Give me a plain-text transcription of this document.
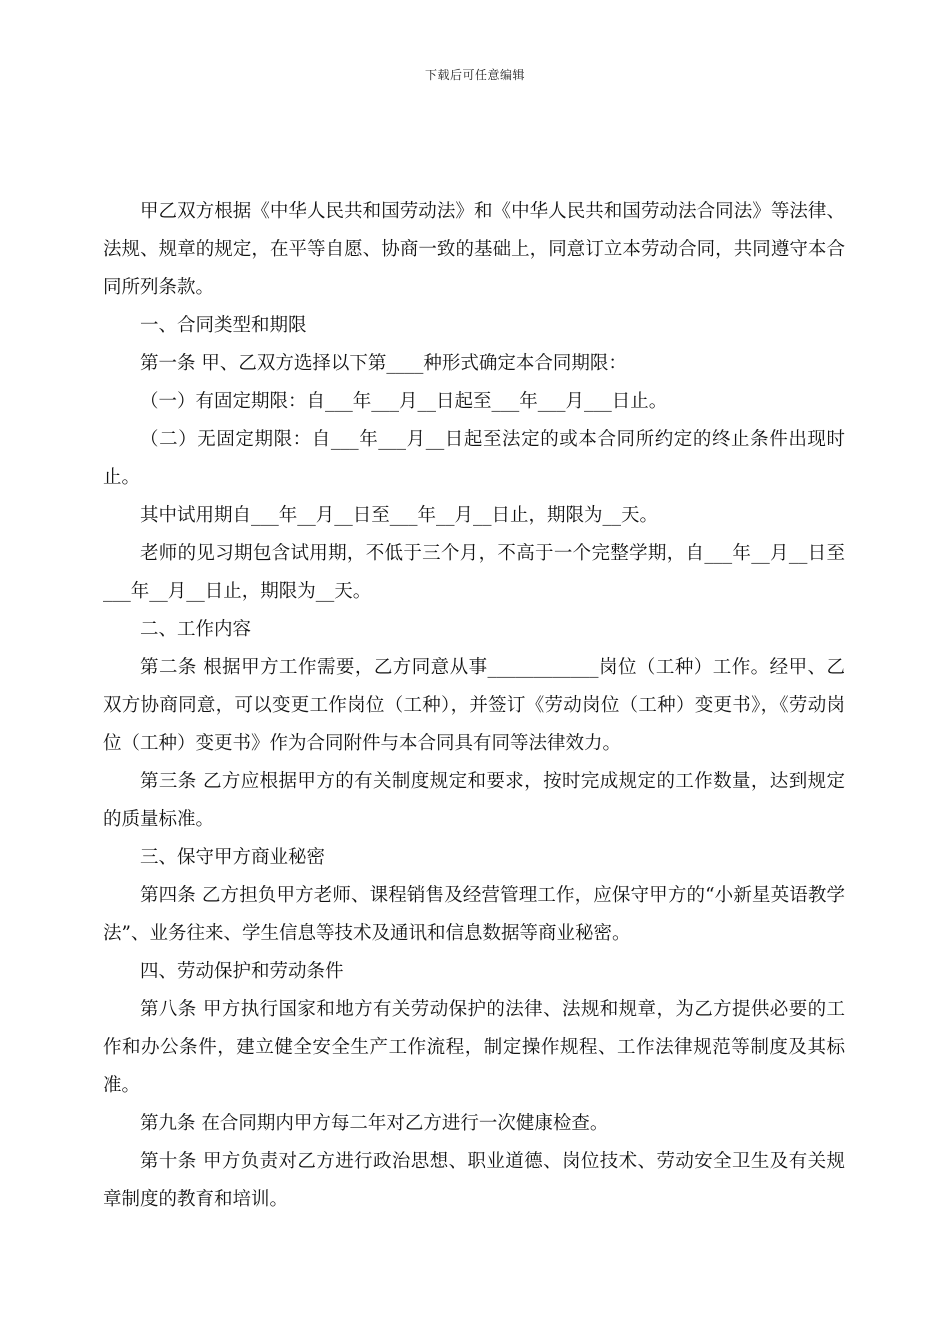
下载后可任意编辑

甲乙双方根据《中华人民共和国劳动法》和《中华人民共和国劳动法合同法》等法律、法规、规章的规定，在平等自愿、协商一致的基础上，同意订立本劳动合同，共同遵守本合同所列条款。

一、合同类型和期限

第一条 甲、乙双方选择以下第____种形式确定本合同期限：

（一）有固定期限：自___年___月__日起至___年___月___日止。

（二）无固定期限：自___年___月__日起至法定的或本合同所约定的终止条件出现时止。

其中试用期自___年__月__日至___年__月__日止，期限为__天。

老师的见习期包含试用期，不低于三个月，不高于一个完整学期，自___年__月__日至___年__月__日止，期限为__天。

二、工作内容

第二条 根据甲方工作需要，乙方同意从事____________岗位（工种）工作。经甲、乙双方协商同意，可以变更工作岗位（工种），并签订《劳动岗位（工种）变更书》，《劳动岗位（工种）变更书》作为合同附件与本合同具有同等法律效力。

第三条 乙方应根据甲方的有关制度规定和要求，按时完成规定的工作数量，达到规定的质量标准。

三、保守甲方商业秘密

第四条 乙方担负甲方老师、课程销售及经营管理工作，应保守甲方的“小新星英语教学法”、业务往来、学生信息等技术及通讯和信息数据等商业秘密。

四、劳动保护和劳动条件

第八条 甲方执行国家和地方有关劳动保护的法律、法规和规章，为乙方提供必要的工作和办公条件，建立健全安全生产工作流程，制定操作规程、工作法律规范等制度及其标准。

第九条 在合同期内甲方每二年对乙方进行一次健康检查。

第十条 甲方负责对乙方进行政治思想、职业道德、岗位技术、劳动安全卫生及有关规章制度的教育和培训。
